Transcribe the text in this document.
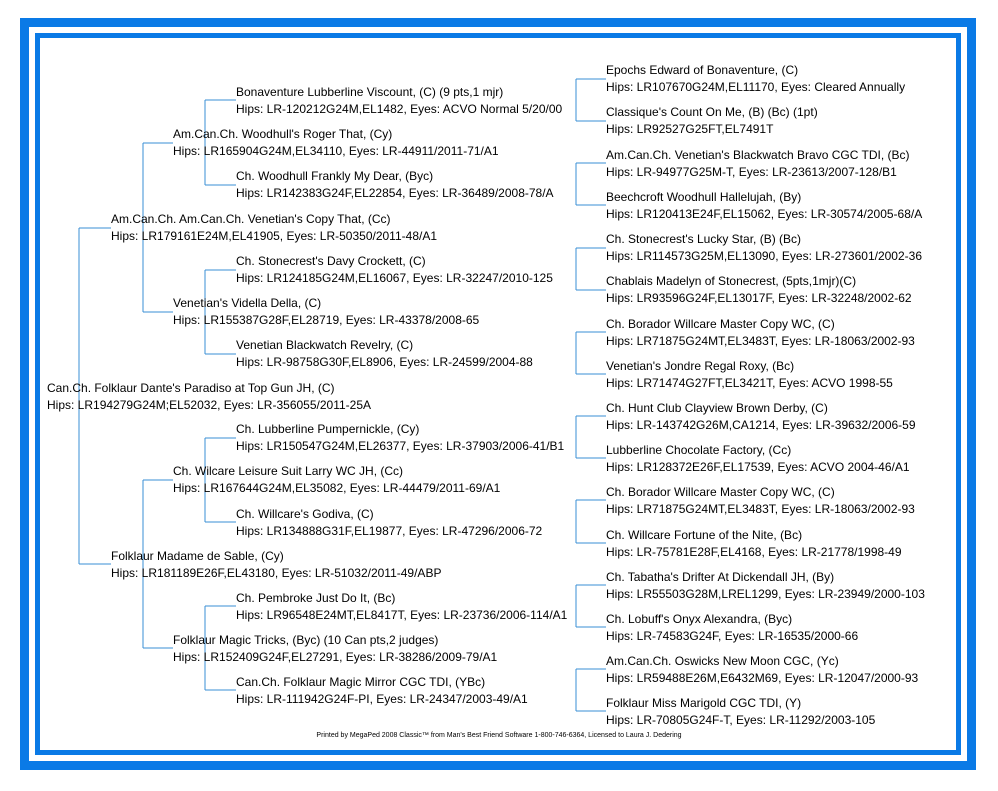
Can.Ch. Folklaur Dante's Paradiso at Top Gun JH, (C)
Hips: LR194279G24M;EL52032, Eyes: LR-356055/2011-25A
Am.Can.Ch. Am.Can.Ch. Venetian's Copy That, (Cc)
Hips: LR179161E24M,EL41905, Eyes: LR-50350/2011-48/A1
Folklaur Madame de Sable, (Cy)
Hips: LR181189E26F,EL43180, Eyes: LR-51032/2011-49/ABP
Am.Can.Ch. Woodhull's Roger That, (Cy)
Hips: LR165904G24M,EL34110, Eyes: LR-44911/2011-71/A1
Venetian's Vidella Della, (C)
Hips: LR155387G28F,EL28719, Eyes: LR-43378/2008-65
Ch. Wilcare Leisure Suit Larry WC JH, (Cc)
Hips: LR167644G24M,EL35082, Eyes: LR-44479/2011-69/A1
Folklaur Magic Tricks, (Byc) (10 Can pts,2 judges)
Hips: LR152409G24F,EL27291, Eyes: LR-38286/2009-79/A1
Bonaventure Lubberline Viscount, (C) (9 pts,1 mjr)
Hips: LR-120212G24M,EL1482, Eyes: ACVO Normal 5/20/00
Ch. Woodhull Frankly My Dear, (Byc)
Hips: LR142383G24F,EL22854, Eyes: LR-36489/2008-78/A
Ch. Stonecrest's Davy Crockett, (C)
Hips: LR124185G24M,EL16067, Eyes: LR-32247/2010-125
Venetian Blackwatch Revelry, (C)
Hips: LR-98758G30F,EL8906, Eyes: LR-24599/2004-88
Ch. Lubberline Pumpernickle, (Cy)
Hips: LR150547G24M,EL26377, Eyes: LR-37903/2006-41/B1
Ch. Willcare's Godiva, (C)
Hips: LR134888G31F,EL19877, Eyes: LR-47296/2006-72
Ch. Pembroke Just Do It, (Bc)
Hips: LR96548E24MT,EL8417T, Eyes: LR-23736/2006-114/A1
Can.Ch. Folklaur Magic Mirror CGC TDI, (YBc)
Hips: LR-111942G24F-PI, Eyes: LR-24347/2003-49/A1
Epochs Edward of Bonaventure, (C)
Hips: LR107670G24M,EL11170, Eyes: Cleared Annually
Classique's Count On Me, (B) (Bc) (1pt)
Hips: LR92527G25FT,EL7491T
Am.Can.Ch. Venetian's Blackwatch Bravo CGC TDI, (Bc)
Hips: LR-94977G25M-T, Eyes: LR-23613/2007-128/B1
Beechcroft Woodhull Hallelujah, (By)
Hips: LR120413E24F,EL15062, Eyes: LR-30574/2005-68/A
Ch. Stonecrest's Lucky Star, (B) (Bc)
Hips: LR114573G25M,EL13090, Eyes: LR-273601/2002-36
Chablais Madelyn of Stonecrest, (5pts,1mjr)(C)
Hips: LR93596G24F,EL13017F, Eyes: LR-32248/2002-62
Ch. Borador Willcare Master Copy WC, (C)
Hips: LR71875G24MT,EL3483T, Eyes: LR-18063/2002-93
Venetian's Jondre Regal Roxy, (Bc)
Hips: LR71474G27FT,EL3421T, Eyes: ACVO 1998-55
Ch. Hunt Club Clayview Brown Derby, (C)
Hips: LR-143742G26M,CA1214, Eyes: LR-39632/2006-59
Lubberline Chocolate Factory, (Cc)
Hips: LR128372E26F,EL17539, Eyes: ACVO 2004-46/A1
Ch. Borador Willcare Master Copy WC, (C)
Hips: LR71875G24MT,EL3483T, Eyes: LR-18063/2002-93
Ch. Willcare Fortune of the Nite, (Bc)
Hips: LR-75781E28F,EL4168, Eyes: LR-21778/1998-49
Ch. Tabatha's Drifter At Dickendall JH, (By)
Hips: LR55503G28M,LREL1299, Eyes: LR-23949/2000-103
Ch. Lobuff's Onyx Alexandra, (Byc)
Hips: LR-74583G24F, Eyes: LR-16535/2000-66
Am.Can.Ch. Oswicks New Moon CGC, (Yc)
Hips: LR59488E26M,E6432M69, Eyes: LR-12047/2000-93
Folklaur Miss Marigold CGC TDI, (Y)
Hips: LR-70805G24F-T, Eyes: LR-11292/2003-105
Printed by MegaPed 2008 Classic™ from Man's Best Friend Software 1-800-746-6364, Licensed to Laura J. Dedering
